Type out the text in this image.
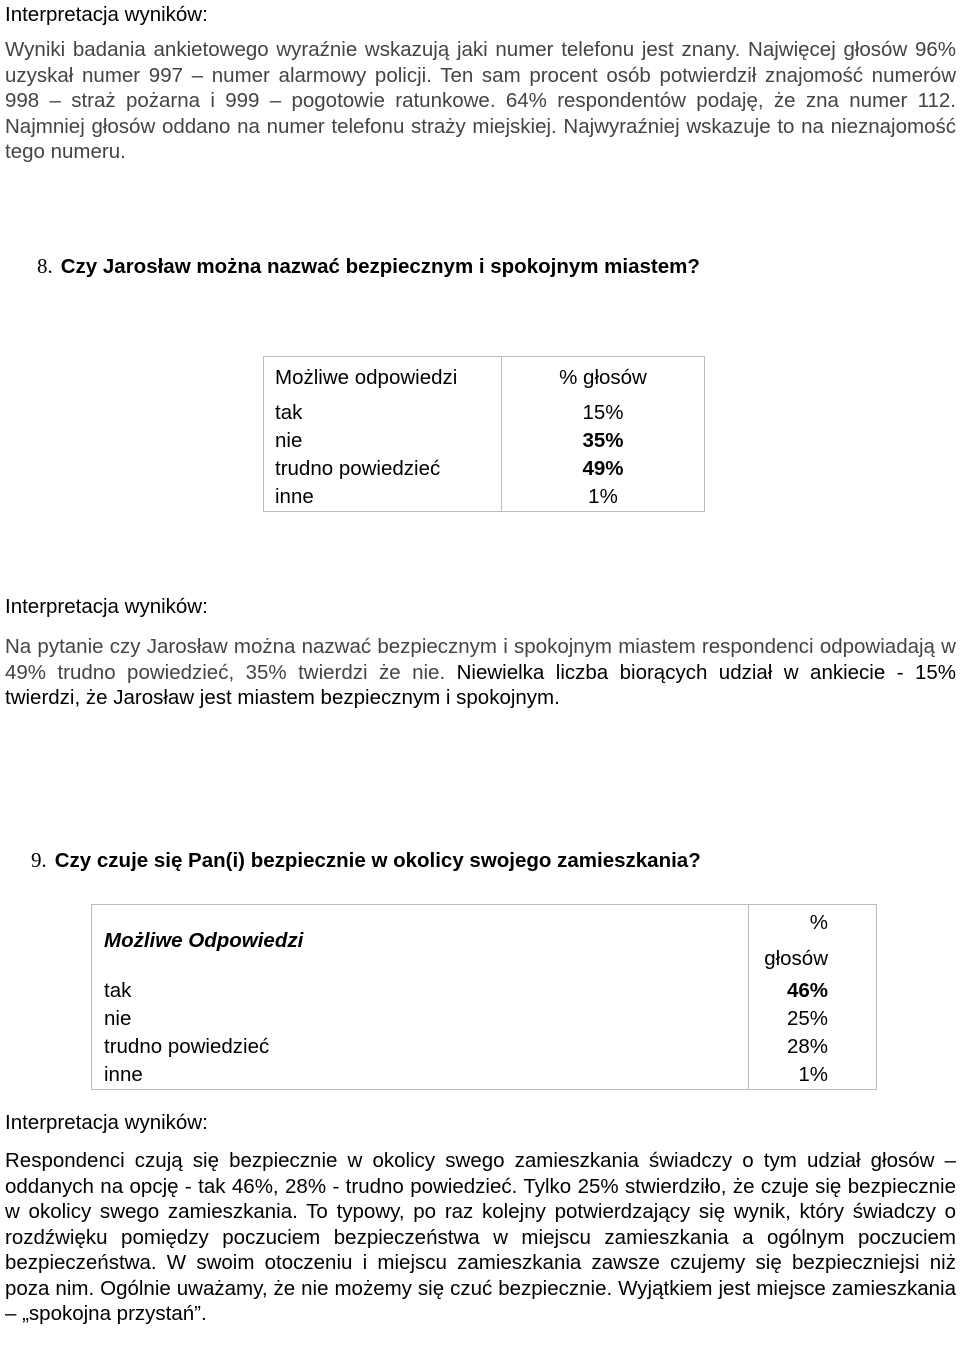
Interpretacja wyników:
Wyniki badania ankietowego wyraźnie wskazują jaki numer telefonu jest znany. Najwięcej głosów 96% uzyskał numer 997 – numer alarmowy policji. Ten sam procent osób potwierdził znajomość numerów 998 – straż pożarna i 999 – pogotowie ratunkowe. 64% respondentów podaję, że zna numer 112. Najmniej głosów oddano na numer telefonu straży miejskiej. Najwyraźniej wskazuje to na nieznajomość tego numeru.
8. Czy Jarosław można nazwać bezpiecznym i spokojnym miastem?
Możliwe odpowiedzi	% głosów
tak	15%
nie	35%
trudno powiedzieć	49%
inne	1%
Interpretacja wyników:
Na pytanie czy Jarosław można nazwać bezpiecznym i spokojnym miastem respondenci odpowiadają w 49% trudno powiedzieć, 35% twierdzi że nie. Niewielka liczba biorących udział w ankiecie - 15% twierdzi, że Jarosław jest miastem bezpiecznym i spokojnym.
9. Czy czuje się Pan(i) bezpiecznie w okolicy swojego zamieszkania?
Możliwe Odpowiedzi	% głosów
tak	46%
nie	25%
trudno powiedzieć	28%
inne	1%
Interpretacja wyników:
Respondenci czują się bezpiecznie w okolicy swego zamieszkania świadczy o tym udział głosów – oddanych na opcję - tak 46%, 28% - trudno powiedzieć. Tylko 25% stwierdziło, że czuje się bezpiecznie w okolicy swego zamieszkania. To typowy, po raz kolejny potwierdzający się wynik, który świadczy o rozdźwięku pomiędzy poczuciem bezpieczeństwa w miejscu zamieszkania a ogólnym poczuciem bezpieczeństwa. W swoim otoczeniu i miejscu zamieszkania zawsze czujemy się bezpieczniejsi niż poza nim. Ogólnie uważamy, że nie możemy się czuć bezpiecznie. Wyjątkiem jest miejsce zamieszkania – „spokojna przystań”.
